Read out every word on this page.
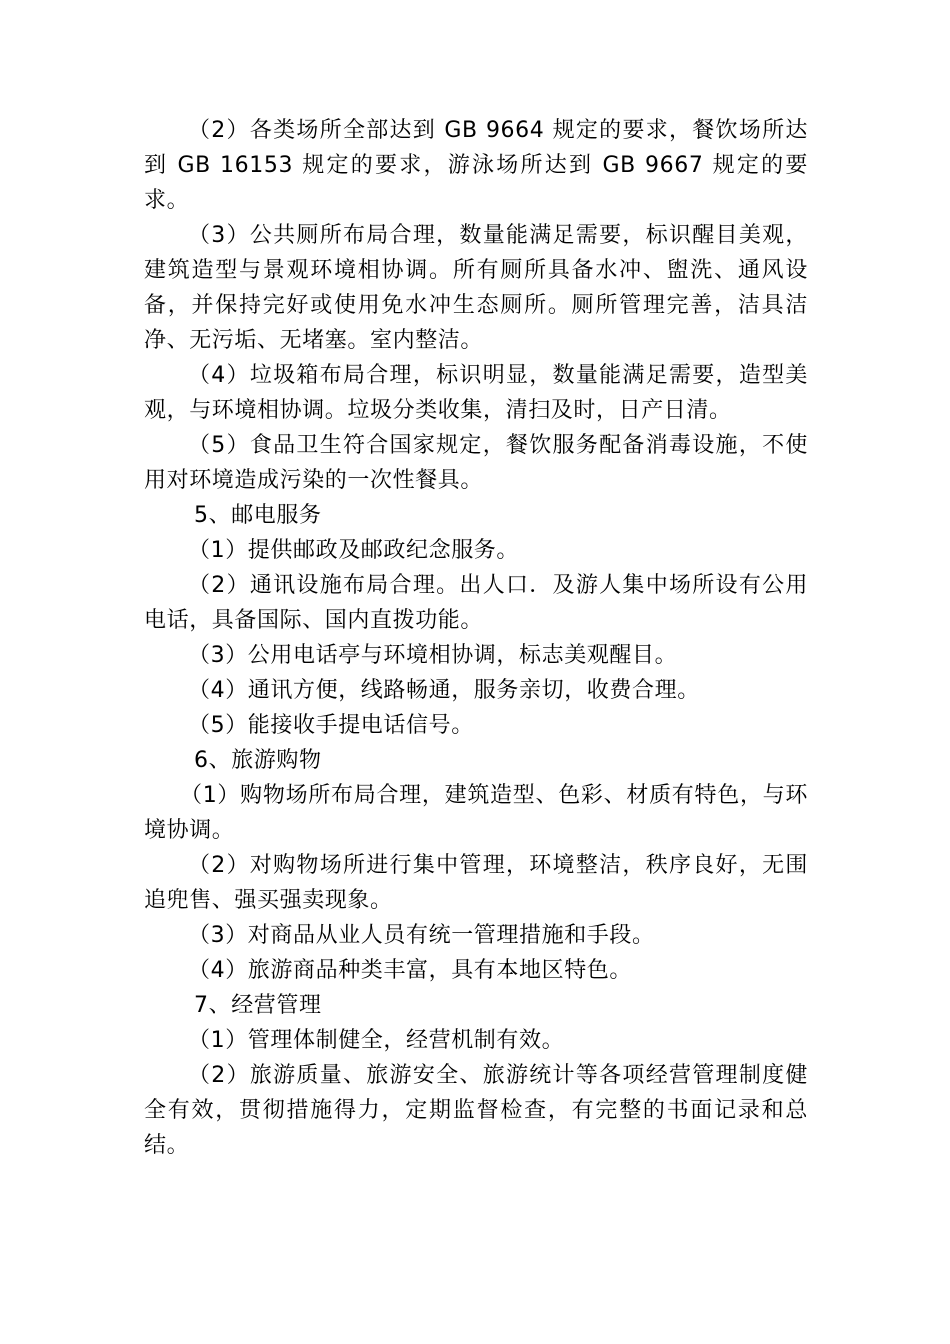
（2）各类场所全部达到 GB 9664 规定的要求，餐饮场所达到 GB 16153 规定的要求，游泳场所达到 GB 9667 规定的要求。

（3）公共厕所布局合理，数量能满足需要，标识醒目美观，建筑造型与景观环境相协调。所有厕所具备水冲、盥洗、通风设备，并保持完好或使用免水冲生态厕所。厕所管理完善，洁具洁净、无污垢、无堵塞。室内整洁。

（4）垃圾箱布局合理，标识明显，数量能满足需要，造型美观，与环境相协调。垃圾分类收集，清扫及时，日产日清。

（5）食品卫生符合国家规定，餐饮服务配备消毒设施，不使用对环境造成污染的一次性餐具。

5、邮电服务

（1）提供邮政及邮政纪念服务。

（2）通讯设施布局合理。出人口．及游人集中场所设有公用电话，具备国际、国内直拨功能。

（3）公用电话亭与环境相协调，标志美观醒目。

（4）通讯方便，线路畅通，服务亲切，收费合理。

（5）能接收手提电话信号。

6、旅游购物

（1）购物场所布局合理，建筑造型、色彩、材质有特色，与环境协调。

（2）对购物场所进行集中管理，环境整洁，秩序良好，无围追兜售、强买强卖现象。

（3）对商品从业人员有统一管理措施和手段。

（4）旅游商品种类丰富，具有本地区特色。

7、经营管理

（1）管理体制健全，经营机制有效。

（2）旅游质量、旅游安全、旅游统计等各项经营管理制度健全有效，贯彻措施得力，定期监督检查，有完整的书面记录和总结。
